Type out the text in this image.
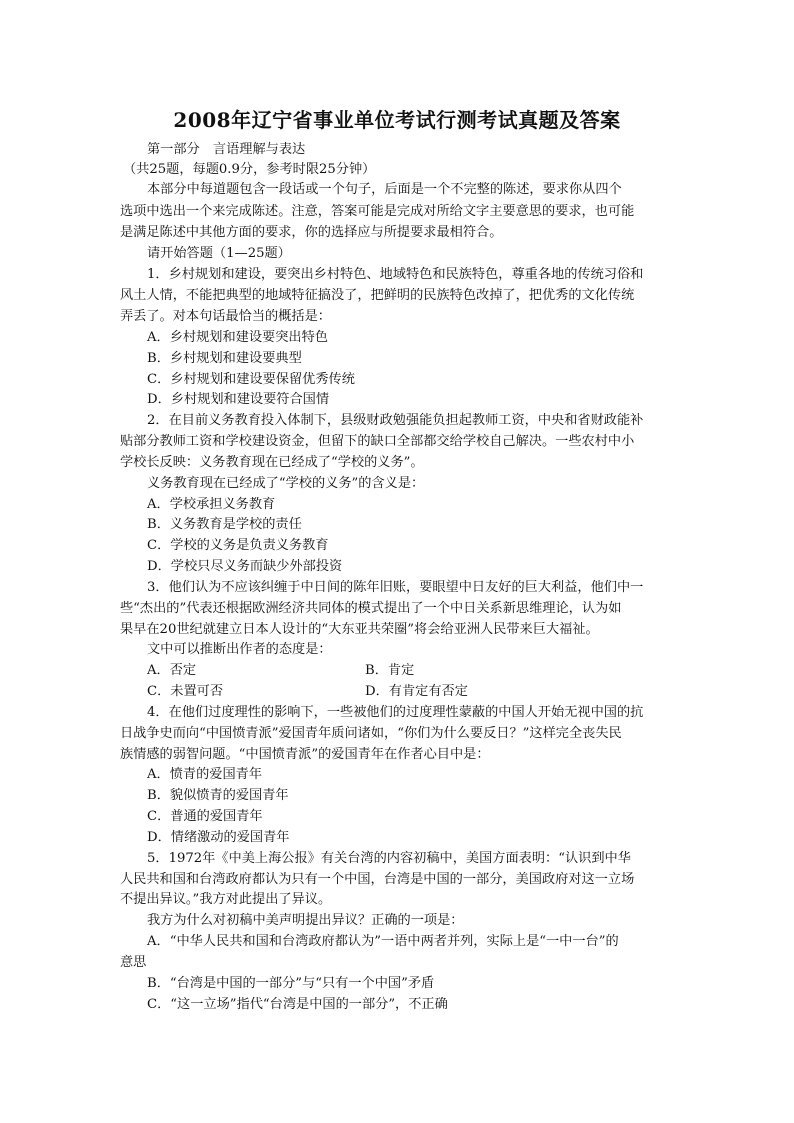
2008年辽宁省事业单位考试行测考试真题及答案
第一部分　言语理解与表达
（共25题，每题0.9分，参考时限25分钟）
本部分中每道题包含一段话或一个句子，后面是一个不完整的陈述，要求你从四个
选项中选出一个来完成陈述。注意，答案可能是完成对所给文字主要意思的要求，也可能
是满足陈述中其他方面的要求，你的选择应与所提要求最相符合。
请开始答题（1—25题）
1．乡村规划和建设，要突出乡村特色、地域特色和民族特色，尊重各地的传统习俗和
风土人情，不能把典型的地域特征搞没了，把鲜明的民族特色改掉了，把优秀的文化传统
弄丢了。对本句话最恰当的概括是：
A．乡村规划和建设要突出特色
B．乡村规划和建设要典型
C．乡村规划和建设要保留优秀传统
D．乡村规划和建设要符合国情
2．在目前义务教育投入体制下，县级财政勉强能负担起教师工资，中央和省财政能补
贴部分教师工资和学校建设资金，但留下的缺口全部都交给学校自己解决。一些农村中小
学校长反映：义务教育现在已经成了“学校的义务”。
义务教育现在已经成了“学校的义务”的含义是：
A．学校承担义务教育
B．义务教育是学校的责任
C．学校的义务是负责义务教育
D．学校只尽义务而缺少外部投资
3．他们认为不应该纠缠于中日间的陈年旧账，要眼望中日友好的巨大利益，他们中一
些“杰出的”代表还根据欧洲经济共同体的模式提出了一个中日关系新思维理论，认为如
果早在20世纪就建立日本人设计的“大东亚共荣圈”将会给亚洲人民带来巨大福祉。
文中可以推断出作者的态度是：
A．否定	B．肯定
C．未置可否	D．有肯定有否定
4．在他们过度理性的影响下，一些被他们的过度理性蒙蔽的中国人开始无视中国的抗
日战争史而向“中国愤青派”爱国青年质问诸如，“你们为什么要反日？”这样完全丧失民
族情感的弱智问题。“中国愤青派”的爱国青年在作者心目中是：
A．愤青的爱国青年
B．貌似愤青的爱国青年
C．普通的爱国青年
D．情绪激动的爱国青年
5．1972年《中美上海公报》有关台湾的内容初稿中，美国方面表明：“认识到中华
人民共和国和台湾政府都认为只有一个中国，台湾是中国的一部分，美国政府对这一立场
不提出异议。”我方对此提出了异议。
我方为什么对初稿中美声明提出异议？正确的一项是：
A．“中华人民共和国和台湾政府都认为”一语中两者并列，实际上是“一中一台”的
意思
B．“台湾是中国的一部分”与“只有一个中国”矛盾
C．“这一立场”指代“台湾是中国的一部分”，不正确
